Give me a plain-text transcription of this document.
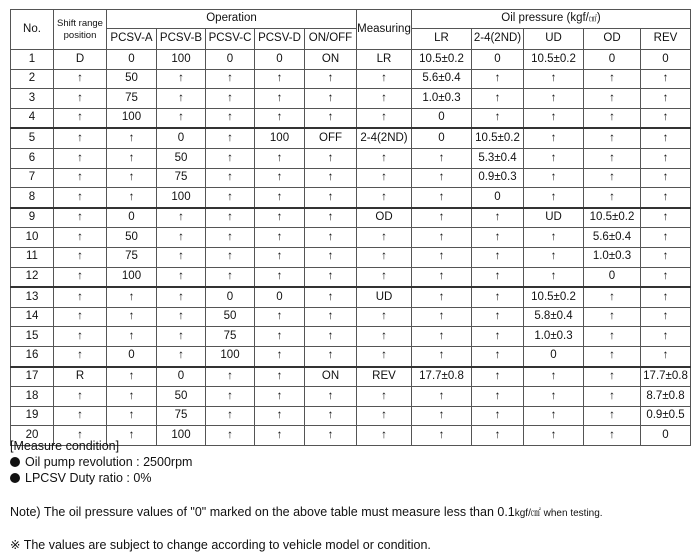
No.	Shift range position	Operation					Measuring	Oil pressure (kgf/㎠)				
		PCSV-A	PCSV-B	PCSV-C	PCSV-D	ON/OFF		LR	2-4(2ND)	UD	OD	REV
1	D	0	100	0	0	ON	LR	10.5±0.2	0	10.5±0.2	0	0
2	↑	50	↑	↑	↑	↑	↑	5.6±0.4	↑	↑	↑	↑
3	↑	75	↑	↑	↑	↑	↑	1.0±0.3	↑	↑	↑	↑
4	↑	100	↑	↑	↑	↑	↑	0	↑	↑	↑	↑
5	↑	↑	0	↑	100	OFF	2-4(2ND)	0	10.5±0.2	↑	↑	↑
6	↑	↑	50	↑	↑	↑	↑	↑	5.3±0.4	↑	↑	↑
7	↑	↑	75	↑	↑	↑	↑	↑	0.9±0.3	↑	↑	↑
8	↑	↑	100	↑	↑	↑	↑	↑	0	↑	↑	↑
9	↑	0	↑	↑	↑	↑	OD	↑	↑	UD	10.5±0.2	↑
10	↑	50	↑	↑	↑	↑	↑	↑	↑	↑	5.6±0.4	↑
11	↑	75	↑	↑	↑	↑	↑	↑	↑	↑	1.0±0.3	↑
12	↑	100	↑	↑	↑	↑	↑	↑	↑	↑	0	↑
13	↑	↑	↑	0	0	↑	UD	↑	↑	10.5±0.2	↑	↑
14	↑	↑	↑	50	↑	↑	↑	↑	↑	5.8±0.4	↑	↑
15	↑	↑	↑	75	↑	↑	↑	↑	↑	1.0±0.3	↑	↑
16	↑	0	↑	100	↑	↑	↑	↑	↑	0	↑	↑
17	R	↑	0	↑	↑	ON	REV	17.7±0.8	↑	↑	↑	17.7±0.8
18	↑	↑	50	↑	↑	↑	↑	↑	↑	↑	↑	8.7±0.8
19	↑	↑	75	↑	↑	↑	↑	↑	↑	↑	↑	0.9±0.5
20	↑	↑	100	↑	↑	↑	↑	↑	↑	↑	↑	0

[Measure condition]

Oil pump revolution : 2500rpm

LPCSV Duty ratio : 0%

Note) The oil pressure values of "0" marked on the above table must measure less than 0.1kgf/㎠ when testing.
※ The values are subject to change according to vehicle model or condition.
